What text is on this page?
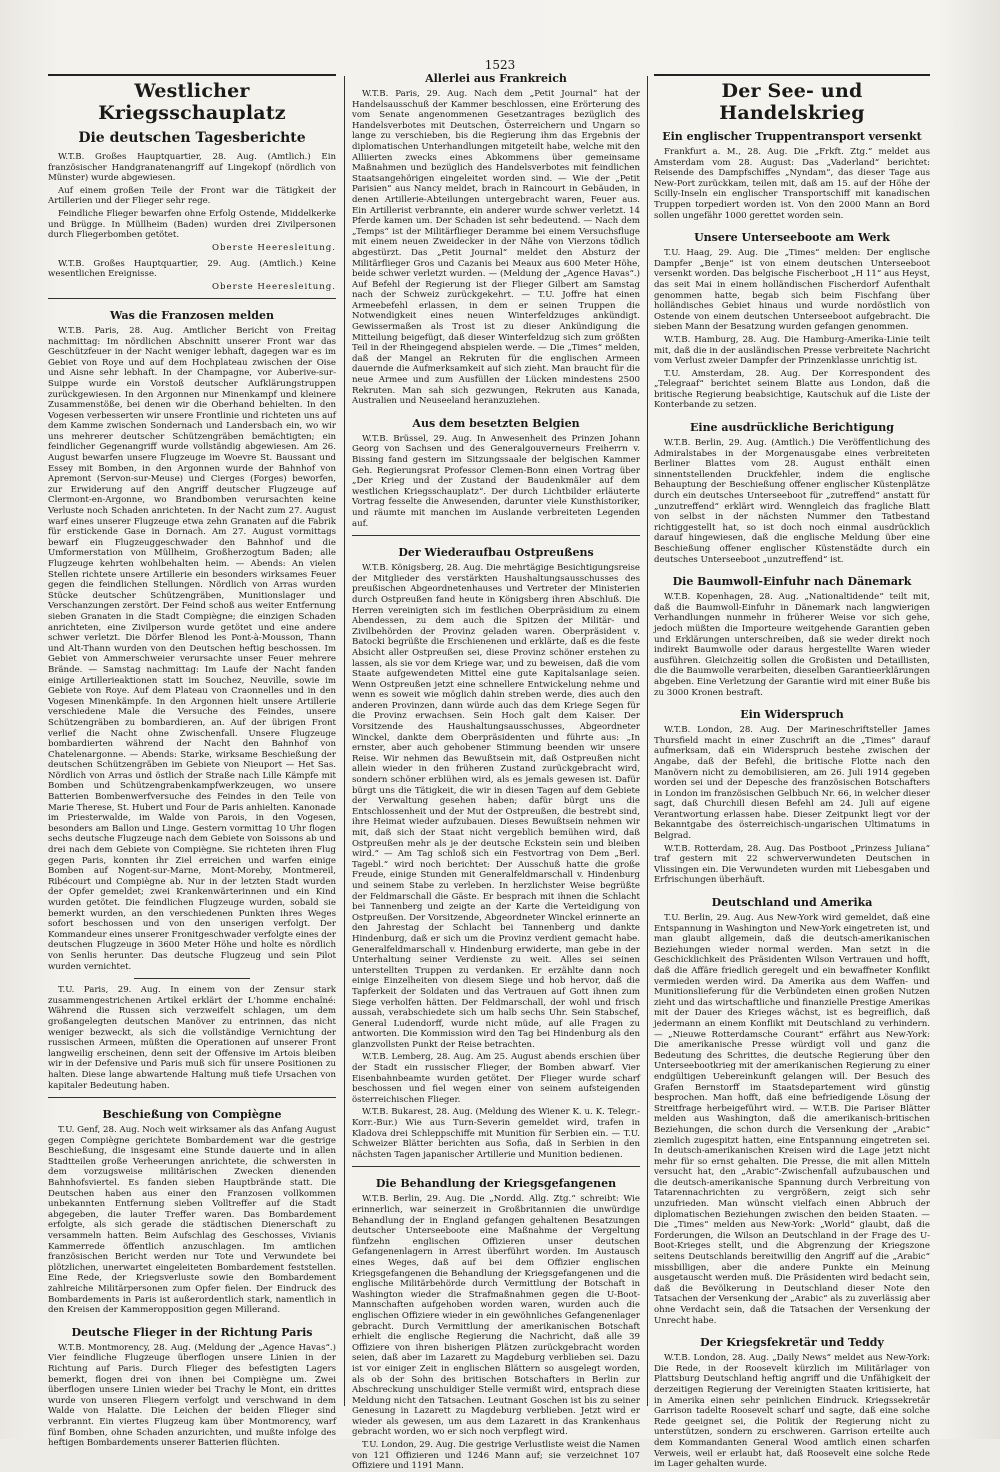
1523
Westlicher Kriegsschauplatz
Die deutschen Tagesberichte

W.T.B. Großes Hauptquartier, 28. Aug. (Amtlich.) Ein französischer Handgranatenangriff auf Lingekopf (nördlich von Münster) wurde abgewiesen.

Auf einem großen Teile der Front war die Tätigkeit der Artillerien und der Flieger sehr rege.

Feindliche Flieger bewarfen ohne Erfolg Ostende, Middelkerke und Brügge. In Müllheim (Baden) wurden drei Zivilpersonen durch Fliegerbomben getötet.

Oberste Heeresleitung.

W.T.B. Großes Hauptquartier, 29. Aug. (Amtlich.) Keine wesentlichen Ereignisse.

Oberste Heeresleitung.
Was die Franzosen melden

W.T.B. Paris, 28. Aug. Amtlicher Bericht von Freitag nachmittag: Im nördlichen Abschnitt unserer Front war das Geschützfeuer in der Nacht weniger lebhaft, dagegen war es im Gebiet von Roye und auf dem Hochplateau zwischen der Oise und Aisne sehr lebhaft. In der Champagne, vor Auberive-sur-Suippe wurde ein Vorstoß deutscher Aufklärungstruppen zurückgewiesen. In den Argonnen nur Minenkampf und kleinere Zusammenstöße, bei denen wir die Oberhand behielten. In den Vogesen verbesserten wir unsere Frontlinie und richteten uns auf dem Kamme zwischen Sondernach und Landersbach ein, wo wir uns mehrerer deutscher Schützengräben bemächtigten; ein feindlicher Gegenangriff wurde vollständig abgewiesen. Am 26. August bewarfen unsere Flugzeuge im Woevre St. Baussant und Essey mit Bomben, in den Argonnen wurde der Bahnhof von Apremont (Servon-sur-Meuse) und Cierges (Forges) beworfen, zur Erwiderung auf den Angriff deutscher Flugzeuge auf Clermont-en-Argonne, wo Brandbomben verursachten keine Verluste noch Schaden anrichteten. In der Nacht zum 27. August warf eines unserer Flugzeuge etwa zehn Granaten auf die Fabrik für erstickende Gase in Dornach. Am 27. August vormittags bewarf ein Flugzeuggeschwader den Bahnhof und die Umformerstation von Müllheim, Großherzogtum Baden; alle Flugzeuge kehrten wohlbehalten heim. — Abends: An vielen Stellen richtete unsere Artillerie ein besonders wirksames Feuer gegen die feindlichen Stellungen. Nördlich von Arras wurden Stücke deutscher Schützengräben, Munitionslager und Verschanzungen zerstört. Der Feind schoß aus weiter Entfernung sieben Granaten in die Stadt Compiègne; die einzigen Schaden anrichteten, eine Zivilperson wurde getötet und eine andere schwer verletzt. Die Dörfer Blenod les Pont-à-Mousson, Thann und Alt-Thann wurden von den Deutschen heftig beschossen. Im Gebiet von Ammerschweier verursachte unser Feuer mehrere Brände. — Samstag nachmittag: Im Laufe der Nacht fanden einige Artillerieaktionen statt im Souchez, Neuville, sowie im Gebiete von Roye. Auf dem Plateau von Craonnelles und in den Vogesen Minenkämpfe. In den Argonnen hielt unsere Artillerie verschiedene Male die Versuche des Feindes, unsere Schützengräben zu bombardieren, an. Auf der übrigen Front verlief die Nacht ohne Zwischenfall. Unsere Flugzeuge bombardierten während der Nacht den Bahnhof von Chatelenargonne. — Abends: Starke, wirksame Beschießung der deutschen Schützengräben im Gebiete von Nieuport — Het Sas. Nördlich von Arras und östlich der Straße nach Lille Kämpfe mit Bomben und Schützengrabenkampfwerkzeugen, wo unsere Batterien Bombenwerfversuche des Feindes in den Teile von Marie Therese, St. Hubert und Four de Paris anhielten. Kanonade im Priesterwalde, im Walde von Parois, in den Vogesen, besonders am Ballon und Linge. Gestern vormittag 10 Uhr flogen sechs deutsche Flugzeuge nach dem Gebiete von Soissons ab und drei nach dem Gebiete von Compiègne. Sie richteten ihren Flug gegen Paris, konnten ihr Ziel erreichen und warfen einige Bomben auf Nogent-sur-Marne, Mont-Moreby, Montmereil, Ribécourt und Compiègne ab. Nur in der letzten Stadt wurden der Opfer gemeldet; zwei Krankenwärterinnen und ein Kind wurden getötet. Die feindlichen Flugzeuge wurden, sobald sie bemerkt wurden, an den verschiedenen Punkten ihres Weges sofort beschossen und von den unserigen verfolgt. Der Kommandeur eines unserer Fronitgeschwader verfolgte eines der deutschen Flugzeuge in 3600 Meter Höhe und holte es nördlich von Senlis herunter. Das deutsche Flugzeug und sein Pilot wurden vernichtet.

T.U. Paris, 29. Aug. In einem von der Zensur stark zusammengestrichenen Artikel erklärt der L'homme enchaîné: Während die Russen sich verzweifelt schlagen, um dem großangelegten deutschen Manöver zu entrinnen, das nicht weniger bezweckt, als sich die vollständige Vernichtung der russischen Armeen, müßten die Operationen auf unserer Front langweilig erscheinen, denn seit der Offensive im Artois bleiben wir in der Defensive und Paris muß sich für unsere Positionen zu halten. Diese lange abwartende Haltung muß tiefe Ursachen von kapitaler Bedeutung haben.

Beschießung von Compiègne

T.U. Genf, 28. Aug. Noch weit wirksamer als das Anfang August gegen Compiègne gerichtete Bombardement war die gestrige Beschießung, die insgesamt eine Stunde dauerte und in allen Stadtteilen große Verheerungen anrichtete, die schwersten in dem vorzugsweise militärischen Zwecken dienenden Bahnhofsviertel. Es fanden sieben Hauptbrände statt. Die Deutschen haben aus einer den Franzosen vollkommen unbekannten Entfernung sieben Volltreffer auf die Stadt abgegeben, die lauter Treffer waren. Das Bombardement erfolgte, als sich gerade die städtischen Dienerschaft zu versammeln hatten. Beim Aufschlag des Geschosses, Vivianis Kammerrede öffentlich anzuschlagen. Im amtlichen französischen Bericht werden nur Tote und Verwundete bei plötzlichen, unerwartet eingeleiteten Bombardement feststellen. Eine Rede, der Kriegsverluste sowie den Bombardement zahlreiche Militärpersonen zum Opfer fielen. Der Eindruck des Bombardements in Paris ist außerordentlich stark, namentlich in den Kreisen der Kammeropposition gegen Millerand.

Deutsche Flieger in der Richtung Paris

W.T.B. Montmorency, 28. Aug. (Meldung der „Agence Havas“.) Vier feindliche Flugzeuge überflogen unsere Linien in der Richtung auf Paris. Durch Flieger des befestigten Lagers bemerkt, flogen drei von ihnen bei Compiègne um. Zwei überflogen unsere Linien wieder bei Trachy le Mont, ein drittes wurde von unseren Fliegern verfolgt und verschwand in dem Walde von Halatte. Die Leichen der beiden Flieger sind verbrannt. Ein viertes Flugzeug kam über Montmorency, warf fünf Bomben, ohne Schaden anzurichten, und mußte infolge des heftigen Bombardements unserer Batterien flüchten.

Allerlei aus Frankreich

W.T.B. Paris, 29. Aug. Nach dem „Petit Journal“ hat der Handelsausschuß der Kammer beschlossen, eine Erörterung des vom Senate angenommenen Gesetzantrages bezüglich des Handelsverbotes mit Deutschen, Österreichern und Ungarn so lange zu verschieben, bis die Regierung ihm das Ergebnis der diplomatischen Unterhandlungen mitgeteilt habe, welche mit den Alliierten zwecks eines Abkommens über gemeinsame Maßnahmen und bezüglich des Handelsverbotes mit feindlichen Staatsangehörigen eingeleitet worden sind. — Wie der „Petit Parisien“ aus Nancy meldet, brach in Raincourt in Gebäuden, in denen Artillerie-Abteilungen untergebracht waren, Feuer aus. Ein Artillerist verbrannte, ein anderer wurde schwer verletzt. 14 Pferde kamen um. Der Schaden ist sehr bedeutend. — Nach dem „Temps“ ist der Militärflieger Deramme bei einem Versuchsfluge mit einem neuen Zweidecker in der Nähe von Vierzons tödlich abgestürzt. Das „Petit Journal“ meldet den Absturz der Militärflieger Gros und Cazanis bei Meaux aus 600 Meter Höhe, beide schwer verletzt wurden. — (Meldung der „Agence Havas“.) Auf Befehl der Regierung ist der Flieger Gilbert am Samstag nach der Schweiz zurückgekehrt. — T.U. Joffre hat einen Armeebefehl erlassen, in dem er seinen Truppen die Notwendigkeit eines neuen Winterfeldzuges ankündigt. Gewissermaßen als Trost ist zu dieser Ankündigung die Mitteilung beigefügt, daß dieser Winterfeldzug sich zum größten Teil in der Rheingegend abspielen werde. — Die „Times“ melden, daß der Mangel an Rekruten für die englischen Armeen dauernde die Aufmerksamkeit auf sich zieht. Man braucht für die neue Armee und zum Ausfüllen der Lücken mindestens 2500 Rekruten. Man sah sich gezwungen, Rekruten aus Kanada, Australien und Neuseeland heranzuziehen.

Aus dem besetzten Belgien

W.T.B. Brüssel, 29. Aug. In Anwesenheit des Prinzen Johann Georg von Sachsen und des Generalgouverneurs Freiherrn v. Bissing fand gestern im Sitzungssaale der belgischen Kammer Geh. Regierungsrat Professor Clemen-Bonn einen Vortrag über „Der Krieg und der Zustand der Baudenkmäler auf dem westlichen Kriegsschauplatz“. Der durch Lichtbilder erläuterte Vortrag fesselte die Anwesenden, darunter viele Kunsthistoriker, und räumte mit manchen im Auslande verbreiteten Legenden auf.

Der Wiederaufbau Ostpreußens

W.T.B. Königsberg, 28. Aug. Die mehrtägige Besichtigungsreise der Mitglieder des verstärkten Haushaltungsausschusses des preußischen Abgeordnetenhauses und Vertreter der Ministerien durch Ostpreußen fand heute in Königsberg ihren Abschluß. Die Herren vereinigten sich im festlichen Oberpräsidium zu einem Abendessen, zu dem auch die Spitzen der Militär- und Zivilbehörden der Provinz geladen waren. Oberpräsident v. Batocki begrüßte die Erschienenen und erklärte, daß es die feste Absicht aller Ostpreußen sei, diese Provinz schöner erstehen zu lassen, als sie vor dem Kriege war, und zu beweisen, daß die vom Staate aufgewendeten Mittel eine gute Kapitalsanlage seien. Wenn Ostpreußen jetzt eine schnellere Entwickelung nehme und wenn es soweit wie möglich dahin streben werde, dies auch den anderen Provinzen, dann würde auch das dem Kriege Segen für die Provinz erwachsen. Sein Hoch galt dem Kaiser. Der Vorsitzende des Haushaltungsausschusses, Abgeordneter Winckel, dankte dem Oberpräsidenten und führte aus: „In ernster, aber auch gehobener Stimmung beenden wir unsere Reise. Wir nehmen das Bewußtsein mit, daß Ostpreußen nicht allein wieder in den früheren Zustand zurückgebracht wird, sondern schöner erblühen wird, als es jemals gewesen ist. Dafür bürgt uns die Tätigkeit, die wir in diesen Tagen auf dem Gebiete der Verwaltung gesehen haben; dafür bürgt uns die Entschlossenheit und der Mut der Ostpreußen, die bestrebt sind, ihre Heimat wieder aufzubauen. Dieses Bewußtsein nehmen wir mit, daß sich der Staat nicht vergeblich bemühen wird, daß Ostpreußen mehr als je der deutsche Eckstein sein und bleiben wird.“ — Am Tag schloß sich ein Festvortrag von Dem „Berl. Tagebl.“ wird noch berichtet: Der Ausschuß hatte die große Freude, einige Stunden mit Generalfeldmarschall v. Hindenburg und seinem Stabe zu verleben. In herzlichster Weise begrüßte der Feldmarschall die Gäste. Er besprach mit ihnen die Schlacht bei Tannenberg und zeigte an der Karte die Verteidigung von Ostpreußen. Der Vorsitzende, Abgeordneter Winckel erinnerte an den Jahrestag der Schlacht bei Tannenberg und dankte Hindenburg, daß er sich um die Provinz verdient gemacht habe. Generalfeldmarschall v. Hindenburg erwiderte, man gebe in der Unterhaltung seiner Verdienste zu weit. Alles sei seinen unterstellten Truppen zu verdanken. Er erzählte dann noch einige Einzelheiten von diesem Siege und hob hervor, daß die Tapferkeit der Soldaten und das Vertrauen auf Gott ihnen zum Siege verholfen hätten. Der Feldmarschall, der wohl und frisch aussah, verabschiedete sich um halb sechs Uhr. Sein Stabschef, General Ludendorff, wurde nicht müde, auf alle Fragen zu antworten. Die Kommission wird den Tag bei Hindenburg als den glanzvollsten Punkt der Reise betrachten.

W.T.B. Lemberg, 28. Aug. Am 25. August abends erschien über der Stadt ein russischer Flieger, der Bomben abwarf. Vier Eisenbahnbeamte wurden getötet. Der Flieger wurde scharf beschossen und fiel wegen einer von seinem aufsteigenden österreichischen Flieger.

W.T.B. Bukarest, 28. Aug. (Meldung des Wiener K. u. K. Telegr.-Korr.-Bur.) Wie aus Turn-Severin gemeldet wird, trafen in Kladova drei Schleppschiffe mit Munition für Serbien ein. — T.U. Schweizer Blätter berichten aus Sofia, daß in Serbien in den nächsten Tagen japanischer Artillerie und Munition bedienen.

Die Behandlung der Kriegsgefangenen

W.T.B. Berlin, 29. Aug. Die „Nordd. Allg. Ztg.“ schreibt: Wie erinnerlich, war seinerzeit in Großbritannien die unwürdige Behandlung der in England gefangen gehaltenen Besatzungen deutscher Unterseeboote eine Maßnahme der Vergeltung fünfzehn englischen Offizieren unser deutschen Gefangenenlagern in Arrest überführt worden. Im Austausch eines Weges, daß auf bei dem Offizier englischen Kriegsgefangenen die Behandlung der Kriegsgefangenen und die englische Militärbehörde durch Vermittlung der Botschaft in Washington wieder die Strafmaßnahmen gegen die U-Boot-Mannschaften aufgehoben worden waren, wurden auch die englischen Offiziere wieder in ein gewöhnliches Gefangenenlager gebracht. Durch Vermittlung der amerikanischen Botschaft erhielt die englische Regierung die Nachricht, daß alle 39 Offiziere von ihren bisherigen Plätzen zurückgebracht worden seien, daß aber im Lazarett zu Magdeburg verblieben sei. Dazu ist vor einiger Zeit in englischen Blättern so ausgelegt worden, als ob der Sohn des britischen Botschafters in Berlin zur Abschreckung unschuldiger Stelle vermißt wird, entsprach diese Meldung nicht den Tatsachen. Leutnant Goschen ist bis zu seiner Genesung in Lazarett zu Magdeburg verblieben. Jetzt wird er wieder als gewesen, um aus dem Lazarett in das Krankenhaus gebracht worden, wo er sich noch verpflegt wird.

T.U. London, 29. Aug. Die gestrige Verlustliste weist die Namen von 121 Offizieren und 1246 Mann auf; sie verzeichnet 107 Offiziere und 1191 Mann.

Der See- und Handelskrieg
Ein englischer Truppentransport versenkt

Frankfurt a. M., 28. Aug. Die „Frkft. Ztg.“ meldet aus Amsterdam vom 28. August: Das „Vaderland“ berichtet: Reisende des Dampfschiffes „Nyndam“, das dieser Tage aus New-Port zurückkam, teilen mit, daß am 15. auf der Höhe der Scilly-Inseln ein englischer Transportschiff mit kanadischen Truppen torpediert worden ist. Von den 2000 Mann an Bord sollen ungefähr 1000 gerettet worden sein.

Unsere Unterseeboote am Werk

T.U. Haag, 29. Aug. Die „Times“ melden: Der englische Dampfer „Benje“ ist von einem deutschen Unterseeboot versenkt worden. Das belgische Fischerboot „H 11“ aus Heyst, das seit Mai in einem holländischen Fischerdorf Aufenthalt genommen hatte, begab sich beim Fischfang über holländisches Gebiet hinaus und wurde nordöstlich von Ostende von einem deutschen Unterseeboot aufgebracht. Die sieben Mann der Besatzung wurden gefangen genommen.

W.T.B. Hamburg, 28. Aug. Die Hamburg-Amerika-Linie teilt mit, daß die in der ausländischen Presse verbreitete Nachricht vom Verlust zweier Dampfer der Prinzenklasse unrichtig ist.

T.U. Amsterdam, 28. Aug. Der Korrespondent des „Telegraaf“ berichtet seinem Blatte aus London, daß die britische Regierung beabsichtige, Kautschuk auf die Liste der Konterbande zu setzen.

Eine ausdrückliche Berichtigung

W.T.B. Berlin, 29. Aug. (Amtlich.) Die Veröffentlichung des Admiralstabes in der Morgenausgabe eines verbreiteten Berliner Blattes vom 28. August enthält einen sinnentstellenden Druckfehler, indem die englische Behauptung der Beschießung offener englischer Küstenplätze durch ein deutsches Unterseeboot für „zutreffend“ anstatt für „unzutreffend“ erklärt wird. Wenngleich das fragliche Blatt von selbst in der nächsten Nummer den Tatbestand richtiggestellt hat, so ist doch noch einmal ausdrücklich darauf hingewiesen, daß die englische Meldung über eine Beschießung offener englischer Küstenstädte durch ein deutsches Unterseeboot „unzutreffend“ ist.

Die Baumwoll-Einfuhr nach Dänemark

W.T.B. Kopenhagen, 28. Aug. „Nationaltidende“ teilt mit, daß die Baumwoll-Einfuhr in Dänemark nach langwierigen Verhandlungen nunmehr in früherer Weise vor sich gehe, jedoch müßten die Importeure weitgehende Garantien geben und Erklärungen unterschreiben, daß sie weder direkt noch indirekt Baumwolle oder daraus hergestellte Waren wieder ausführen. Gleichzeitig sollen die Großisten und Detaillisten, die die Baumwolle verarbeiten, dieselben Garantieerklärungen abgeben. Eine Verletzung der Garantie wird mit einer Buße bis zu 3000 Kronen bestraft.

Ein Widerspruch

W.T.B. London, 28. Aug. Der Marineschriftsteller James Thursfield macht in einer Zuschrift an die „Times“ darauf aufmerksam, daß ein Widerspruch bestehe zwischen der Angabe, daß der Befehl, die britische Flotte nach den Manövern nicht zu demobilisieren, am 26. Juli 1914 gegeben worden sei und der Depesche des französischen Botschafters in London im französischen Gelbbuch Nr. 66, in welcher dieser sagt, daß Churchill diesen Befehl am 24. Juli auf eigene Verantwortung erlassen habe. Dieser Zeitpunkt liegt vor der Bekanntgabe des österreichisch-ungarischen Ultimatums in Belgrad.

W.T.B. Rotterdam, 28. Aug. Das Postboot „Prinzess Juliana“ traf gestern mit 22 schwerverwundeten Deutschen in Vlissingen ein. Die Verwundeten wurden mit Liebesgaben und Erfrischungen überhäuft.

Deutschland und Amerika

T.U. Berlin, 29. Aug. Aus New-York wird gemeldet, daß eine Entspannung in Washington und New-York eingetreten ist, und man glaubt allgemein, daß die deutsch-amerikanischen Beziehungen wieder normal werden. Man setzt in die Geschicklichkeit des Präsidenten Wilson Vertrauen und hofft, daß die Affäre friedlich geregelt und ein bewaffneter Konflikt vermieden werden wird. Da Amerika aus dem Waffen- und Munitionslieferung für die Verbündeten einen großen Nutzen zieht und das wirtschaftliche und finanzielle Prestige Amerikas mit der Dauer des Krieges wächst, ist es begreiflich, daß jedermann an einem Konflikt mit Deutschland zu verhindern. — „Nieuwe Rotterdamsche Courant“ erfährt aus New-York: Die amerikanische Presse würdigt voll und ganz die Bedeutung des Schrittes, die deutsche Regierung über den Unterseebootkrieg mit der amerikanischen Regierung zu einer endgültigen Uebereinkunft gelangen will. Der Besuch des Grafen Bernstorff im Staatsdepartement wird günstig besprochen. Man hofft, daß eine befriedigende Lösung der Streitfrage herbeigeführt wird. — W.T.B. Die Pariser Blätter melden aus Washington, daß die amerikanisch-britischen Beziehungen, die schon durch die Versenkung der „Arabic“ ziemlich zugespitzt hatten, eine Entspannung eingetreten sei. In deutsch-amerikanischen Kreisen wird die Lage jetzt nicht mehr für so ernst gehalten. Die Presse, die mit allen Mitteln versucht hat, den „Arabic“-Zwischenfall aufzubauschen und die deutsch-amerikanische Spannung durch Verbreitung von Tatarennachrichten zu vergrößern, zeigt sich sehr unzufrieden. Man wünscht vielfach einen Abbruch der diplomatischen Beziehungen zwischen den beiden Staaten. — Die „Times“ melden aus New-York: „World“ glaubt, daß die Forderungen, die Wilson an Deutschland in der Frage des U-Boot-Krieges stellt, und die Abgrenzung der Kriegszone seitens Deutschlands bereitwillig den Angriff auf die „Arabic“ missbilligen, aber die andere Punkte ein Meinung ausgetauscht werden muß. Die Präsidenten wird bedacht sein, daß die Bevölkerung in Deutschland dieser Note den Tatsachen der Versenkung der „Arabic“ als zu zuverlässig aber ohne Verdacht sein, daß die Tatsachen der Versenkung der Unrecht habe.

Der Kriegsfekretär und Teddy

W.T.B. London, 28. Aug. „Daily News“ meldet aus New-York: Die Rede, in der Roosevelt kürzlich im Militärlager von Plattsburg Deutschland heftig angriff und die Unfähigkeit der derzeitigen Regierung der Vereinigten Staaten kritisierte, hat in Amerika einen sehr peinlichen Eindruck. Kriegssekretär Garrison tadelte Roosevelt scharf und sagte, daß eine solche Rede geeignet sei, die Politik der Regierung nicht zu unterstützen, sondern zu erschweren. Garrison erteilte auch dem Kommandanten General Wood amtlich einen scharfen Verweis, weil er erlaubt hat, daß Roosevelt eine solche Rede im Lager gehalten wurde.
